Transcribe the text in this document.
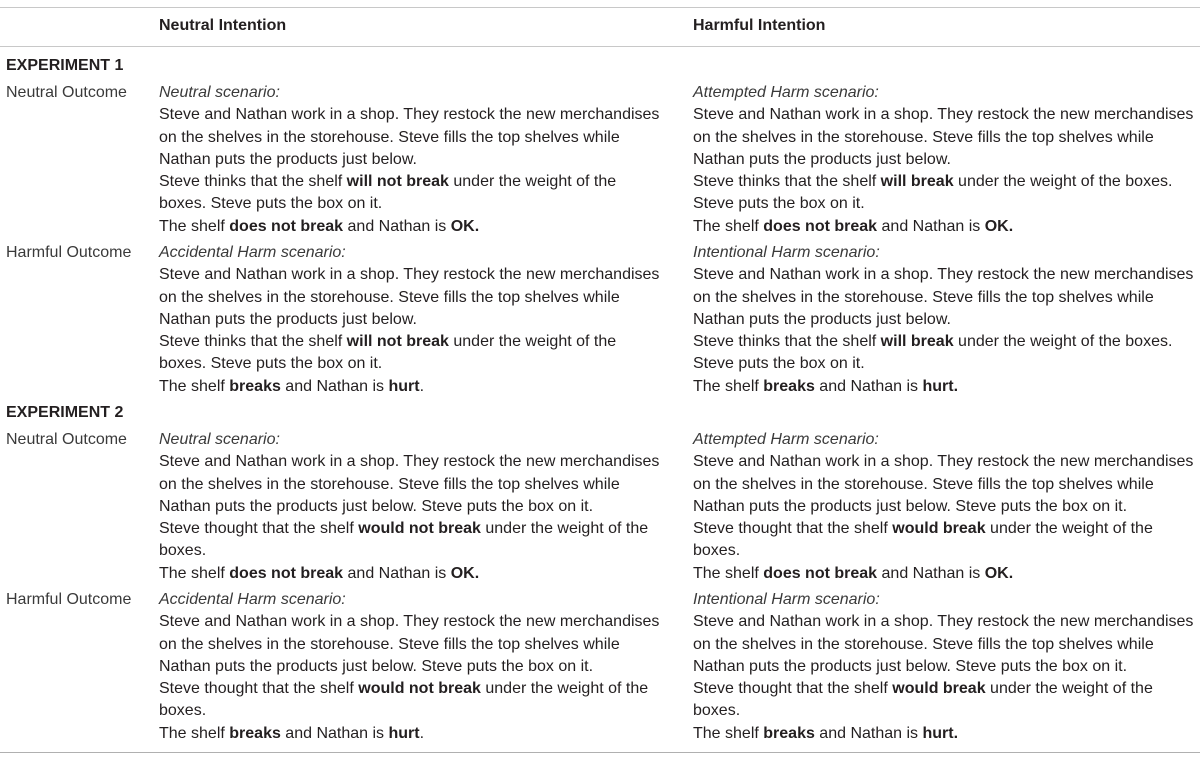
Neutral Intention	Harmful Intention
EXPERIMENT 1
Neutral Outcome Neutral scenario:
Steve and Nathan work in a shop. They restock the new merchandises
on the shelves in the storehouse. Steve fills the top shelves while
Nathan puts the products just below.
Steve thinks that the shelf will not break under the weight of the
boxes. Steve puts the box on it.
The shelf does not break and Nathan is OK.
Attempted Harm scenario:
Steve and Nathan work in a shop. They restock the new merchandises
on the shelves in the storehouse. Steve fills the top shelves while
Nathan puts the products just below.
Steve thinks that the shelf will break under the weight of the boxes.
Steve puts the box on it.
The shelf does not break and Nathan is OK.
Harmful Outcome Accidental Harm scenario:
Steve and Nathan work in a shop. They restock the new merchandises
on the shelves in the storehouse. Steve fills the top shelves while
Nathan puts the products just below.
Steve thinks that the shelf will not break under the weight of the
boxes. Steve puts the box on it.
The shelf breaks and Nathan is hurt.
Intentional Harm scenario:
Steve and Nathan work in a shop. They restock the new merchandises
on the shelves in the storehouse. Steve fills the top shelves while
Nathan puts the products just below.
Steve thinks that the shelf will break under the weight of the boxes.
Steve puts the box on it.
The shelf breaks and Nathan is hurt.
EXPERIMENT 2
Neutral Outcome Neutral scenario:
Steve and Nathan work in a shop. They restock the new merchandises
on the shelves in the storehouse. Steve fills the top shelves while
Nathan puts the products just below. Steve puts the box on it.
Steve thought that the shelf would not break under the weight of the
boxes.
The shelf does not break and Nathan is OK.
Attempted Harm scenario:
Steve and Nathan work in a shop. They restock the new merchandises
on the shelves in the storehouse. Steve fills the top shelves while
Nathan puts the products just below. Steve puts the box on it.
Steve thought that the shelf would break under the weight of the
boxes.
The shelf does not break and Nathan is OK.
Harmful Outcome Accidental Harm scenario:
Steve and Nathan work in a shop. They restock the new merchandises
on the shelves in the storehouse. Steve fills the top shelves while
Nathan puts the products just below. Steve puts the box on it.
Steve thought that the shelf would not break under the weight of the
boxes.
The shelf breaks and Nathan is hurt.
Intentional Harm scenario:
Steve and Nathan work in a shop. They restock the new merchandises
on the shelves in the storehouse. Steve fills the top shelves while
Nathan puts the products just below. Steve puts the box on it.
Steve thought that the shelf would break under the weight of the
boxes.
The shelf breaks and Nathan is hurt.
